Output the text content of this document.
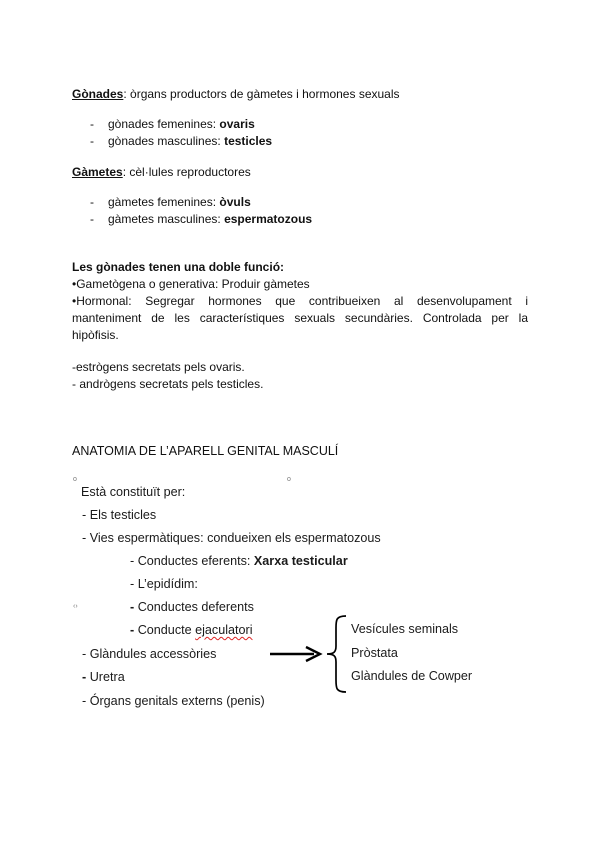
Gònades: òrgans productors de gàmetes i hormones sexuals
- gònades femenines: ovaris
- gònades masculines: testicles
Gàmetes: cèl·lules reproductores
- gàmetes femenines: òvuls
- gàmetes masculines: espermatozous
Les gònades tenen una doble funció:
•Gametògena o generativa: Produir gàmetes
•Hormonal: Segregar hormones que contribueixen al desenvolupament i
manteniment de les característiques sexuals secundàries. Controlada per la
hipòfisis.
-estrògens secretats pels ovaris.
- andrògens secretats pels testicles.
ANATOMIA DE L’APARELL GENITAL MASCULÍ
o	o
‹›
Està constituït per:
- Els testicles
- Vies espermàtiques: condueixen els espermatozous
- Conductes eferents: Xarxa testicular
- L’epidídim:
- Conductes deferents
- Conducte ejaculatori
- Glàndules accessòries
- Uretra
- Órgans genitals externs (penis)
Vesícules seminals
Pròstata
Glàndules de Cowper
